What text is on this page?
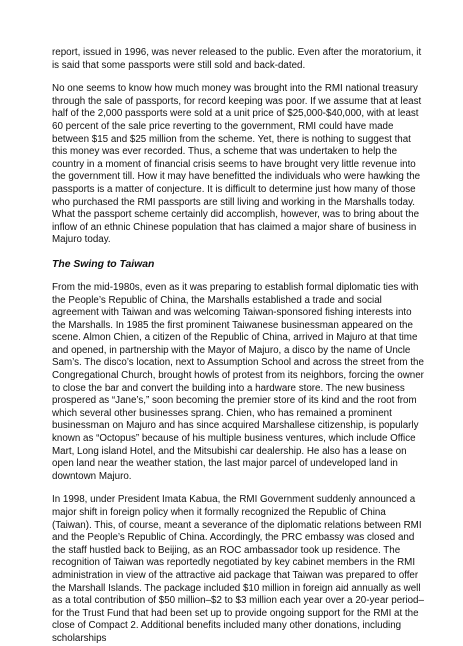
report, issued in 1996, was never released to the public. Even after the moratorium, it is said that some passports were still sold and back-dated.

No one seems to know how much money was brought into the RMI national treasury through the sale of passports, for record keeping was poor. If we assume that at least half of the 2,000 passports were sold at a unit price of $25,000-$40,000, with at least 60 percent of the sale price reverting to the government, RMI could have made between $15 and $25 million from the scheme. Yet, there is nothing to suggest that this money was ever recorded. Thus, a scheme that was undertaken to help the country in a moment of financial crisis seems to have brought very little revenue into the government till. How it may have benefitted the individuals who were hawking the passports is a matter of conjecture. It is difficult to determine just how many of those who purchased the RMI passports are still living and working in the Marshalls today. What the passport scheme certainly did accomplish, however, was to bring about the inflow of an ethnic Chinese population that has claimed a major share of business in Majuro today.

The Swing to Taiwan

From the mid-1980s, even as it was preparing to establish formal diplomatic ties with the People’s Republic of China, the Marshalls established a trade and social agreement with Taiwan and was welcoming Taiwan-sponsored fishing interests into the Marshalls. In 1985 the first prominent Taiwanese businessman appeared on the scene. Almon Chien, a citizen of the Republic of China, arrived in Majuro at that time and opened, in partnership with the Mayor of Majuro, a disco by the name of Uncle Sam’s. The disco’s location, next to Assumption School and across the street from the Congregational Church, brought howls of protest from its neighbors, forcing the owner to close the bar and convert the building into a hardware store. The new business prospered as “Jane’s,” soon becoming the premier store of its kind and the root from which several other businesses sprang. Chien, who has remained a prominent businessman on Majuro and has since acquired Marshallese citizenship, is popularly known as “Octopus” because of his multiple business ventures, which include Office Mart, Long island Hotel, and the Mitsubishi car dealership. He also has a lease on open land near the weather station, the last major parcel of undeveloped land in downtown Majuro.

In 1998, under President Imata Kabua, the RMI Government suddenly announced a major shift in foreign policy when it formally recognized the Republic of China (Taiwan). This, of course, meant a severance of the diplomatic relations between RMI and the People’s Republic of China. Accordingly, the PRC embassy was closed and the staff hustled back to Beijing, as an ROC ambassador took up residence. The recognition of Taiwan was reportedly negotiated by key cabinet members in the RMI administration in view of the attractive aid package that Taiwan was prepared to offer the Marshall Islands. The package included $10 million in foreign aid annually as well as a total contribution of $50 million–$2 to $3 million each year over a 20-year period–for the Trust Fund that had been set up to provide ongoing support for the RMI at the close of Compact 2. Additional benefits included many other donations, including scholarships
